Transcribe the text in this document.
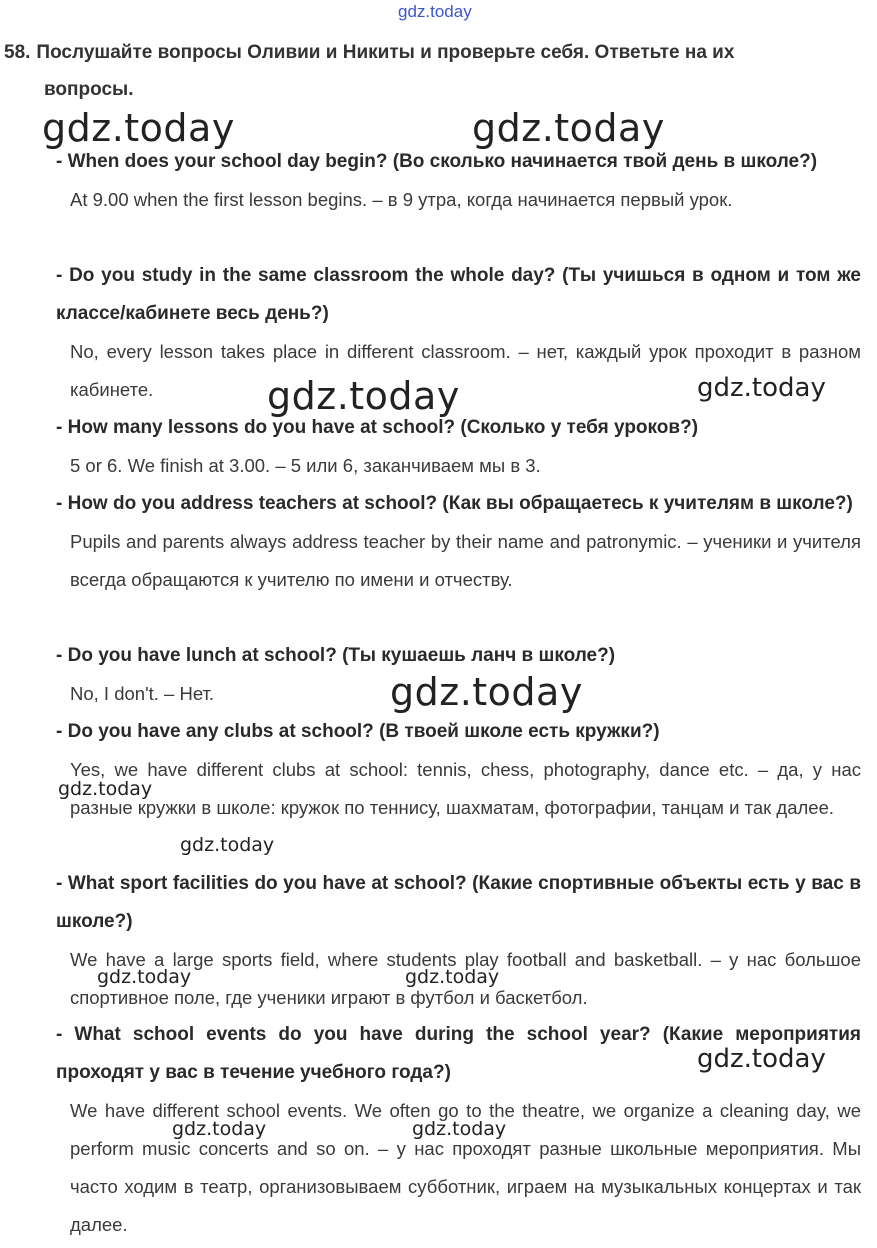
gdz.today
58. Послушайте вопросы Оливии и Никиты и проверьте себя. Ответьте на их
вопросы.
- When does your school day begin? (Во сколько начинается твой день в школе?)
At 9.00 when the first lesson begins. – в 9 утра, когда начинается первый урок.
- Do you study in the same classroom the whole day? (Ты учишься в одном и том же классе/кабинете весь день?)
No, every lesson takes place in different classroom. – нет, каждый урок проходит в разном кабинете.
- How many lessons do you have at school? (Сколько у тебя уроков?)
5 or 6. We finish at 3.00. – 5 или 6, заканчиваем мы в 3.
- How do you address teachers at school? (Как вы обращаетесь к учителям в школе?)
Pupils and parents always address teacher by their name and patronymic. – ученики и учителя всегда обращаются к учителю по имени и отчеству.
- Do you have lunch at school? (Ты кушаешь ланч в школе?)
No, I don't. – Нет.
- Do you have any clubs at school? (В твоей школе есть кружки?)
Yes, we have different clubs at school: tennis, chess, photography, dance etc. – да, у нас разные кружки в школе: кружок по теннису, шахматам, фотографии, танцам и так далее.
- What sport facilities do you have at school? (Какие спортивные объекты есть у вас в школе?)
We have a large sports field, where students play football and basketball. – у нас большое спортивное поле, где ученики играют в футбол и баскетбол.
- What school events do you have during the school year? (Какие мероприятия проходят у вас в течение учебного года?)
We have different school events. We often go to the theatre, we organize a cleaning day, we perform music concerts and so on. – у нас проходят разные школьные мероприятия. Мы часто ходим в театр, организовываем субботник, играем на музыкальных концертах и так далее.
gdz.today	gdz.today
gdz.today	gdz.today
gdz.today
gdz.today
gdz.today
gdz.today	gdz.today
gdz.today
gdz.today	gdz.today
